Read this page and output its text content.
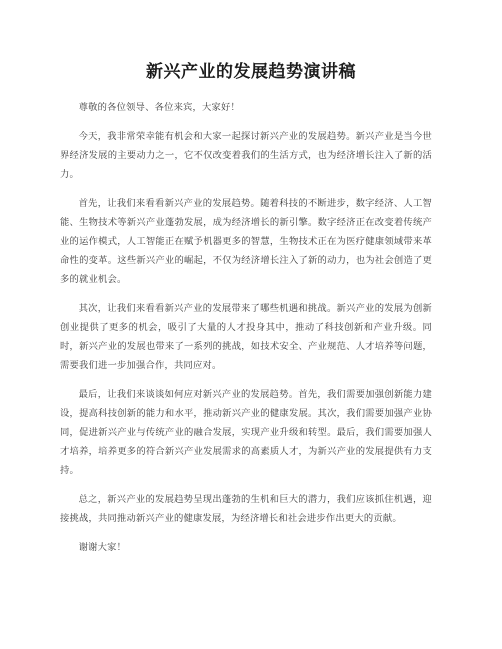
新兴产业的发展趋势演讲稿

尊敬的各位领导、各位来宾，大家好！

今天，我非常荣幸能有机会和大家一起探讨新兴产业的发展趋势。新兴产业是当今世界经济发展的主要动力之一，它不仅改变着我们的生活方式，也为经济增长注入了新的活力。

首先，让我们来看看新兴产业的发展趋势。随着科技的不断进步，数字经济、人工智能、生物技术等新兴产业蓬勃发展，成为经济增长的新引擎。数字经济正在改变着传统产业的运作模式，人工智能正在赋予机器更多的智慧，生物技术正在为医疗健康领域带来革命性的变革。这些新兴产业的崛起，不仅为经济增长注入了新的动力，也为社会创造了更多的就业机会。

其次，让我们来看看新兴产业的发展带来了哪些机遇和挑战。新兴产业的发展为创新创业提供了更多的机会，吸引了大量的人才投身其中，推动了科技创新和产业升级。同时，新兴产业的发展也带来了一系列的挑战，如技术安全、产业规范、人才培养等问题，需要我们进一步加强合作，共同应对。

最后，让我们来谈谈如何应对新兴产业的发展趋势。首先，我们需要加强创新能力建设，提高科技创新的能力和水平，推动新兴产业的健康发展。其次，我们需要加强产业协同，促进新兴产业与传统产业的融合发展，实现产业升级和转型。最后，我们需要加强人才培养，培养更多的符合新兴产业发展需求的高素质人才，为新兴产业的发展提供有力支持。

总之，新兴产业的发展趋势呈现出蓬勃的生机和巨大的潜力，我们应该抓住机遇，迎接挑战，共同推动新兴产业的健康发展，为经济增长和社会进步作出更大的贡献。

谢谢大家！
